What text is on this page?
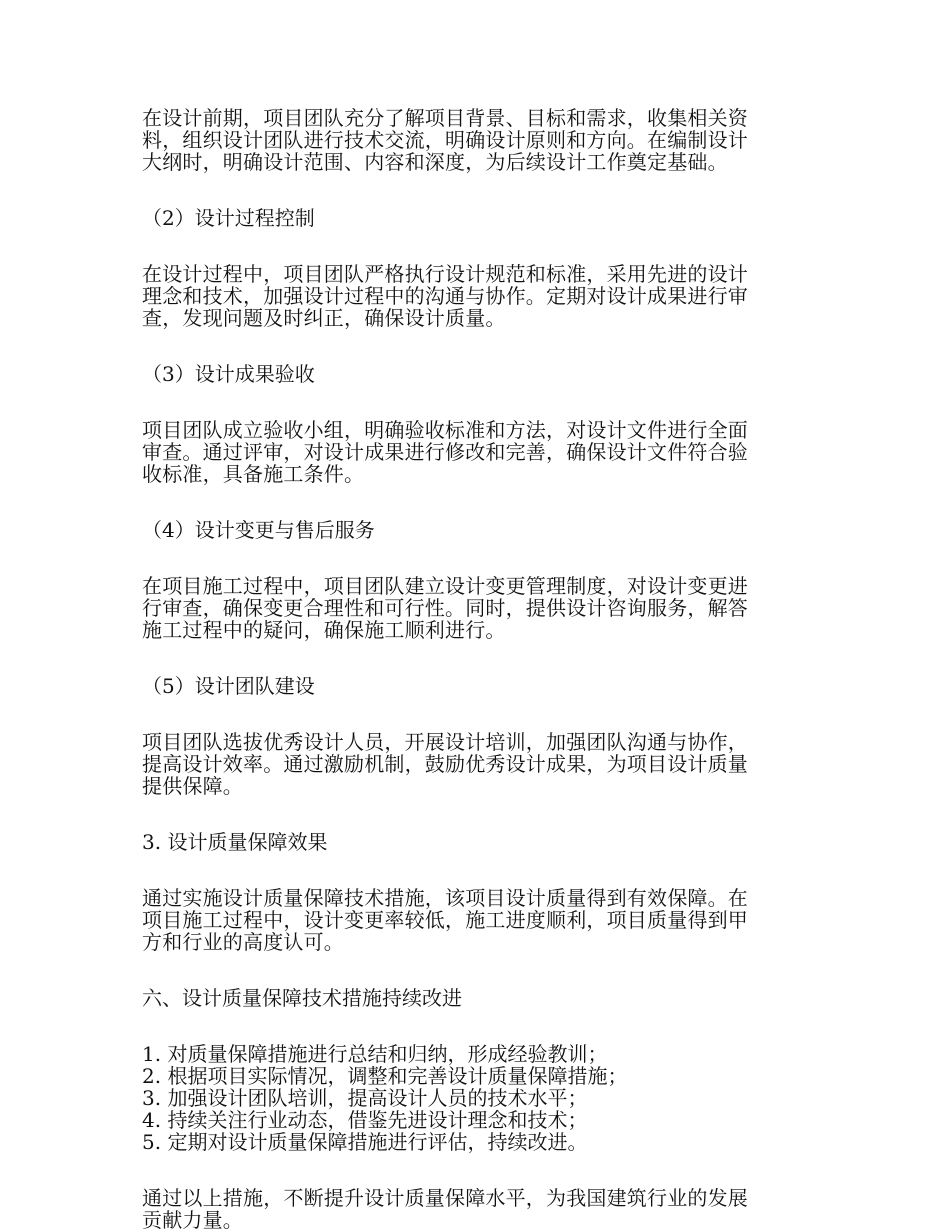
在设计前期，项目团队充分了解项目背景、目标和需求，收集相关资
料，组织设计团队进行技术交流，明确设计原则和方向。在编制设计
大纲时，明确设计范围、内容和深度，为后续设计工作奠定基础。

（2）设计过程控制

在设计过程中，项目团队严格执行设计规范和标准，采用先进的设计
理念和技术，加强设计过程中的沟通与协作。定期对设计成果进行审
查，发现问题及时纠正，确保设计质量。

（3）设计成果验收

项目团队成立验收小组，明确验收标准和方法，对设计文件进行全面
审查。通过评审，对设计成果进行修改和完善，确保设计文件符合验
收标准，具备施工条件。

（4）设计变更与售后服务

在项目施工过程中，项目团队建立设计变更管理制度，对设计变更进
行审查，确保变更合理性和可行性。同时，提供设计咨询服务，解答
施工过程中的疑问，确保施工顺利进行。

（5）设计团队建设

项目团队选拔优秀设计人员，开展设计培训，加强团队沟通与协作，
提高设计效率。通过激励机制，鼓励优秀设计成果，为项目设计质量
提供保障。

3. 设计质量保障效果

通过实施设计质量保障技术措施，该项目设计质量得到有效保障。在
项目施工过程中，设计变更率较低，施工进度顺利，项目质量得到甲
方和行业的高度认可。

六、设计质量保障技术措施持续改进

1. 对质量保障措施进行总结和归纳，形成经验教训；
2. 根据项目实际情况，调整和完善设计质量保障措施；
3. 加强设计团队培训，提高设计人员的技术水平；
4. 持续关注行业动态，借鉴先进设计理念和技术；
5. 定期对设计质量保障措施进行评估，持续改进。

通过以上措施，不断提升设计质量保障水平，为我国建筑行业的发展
贡献力量。
